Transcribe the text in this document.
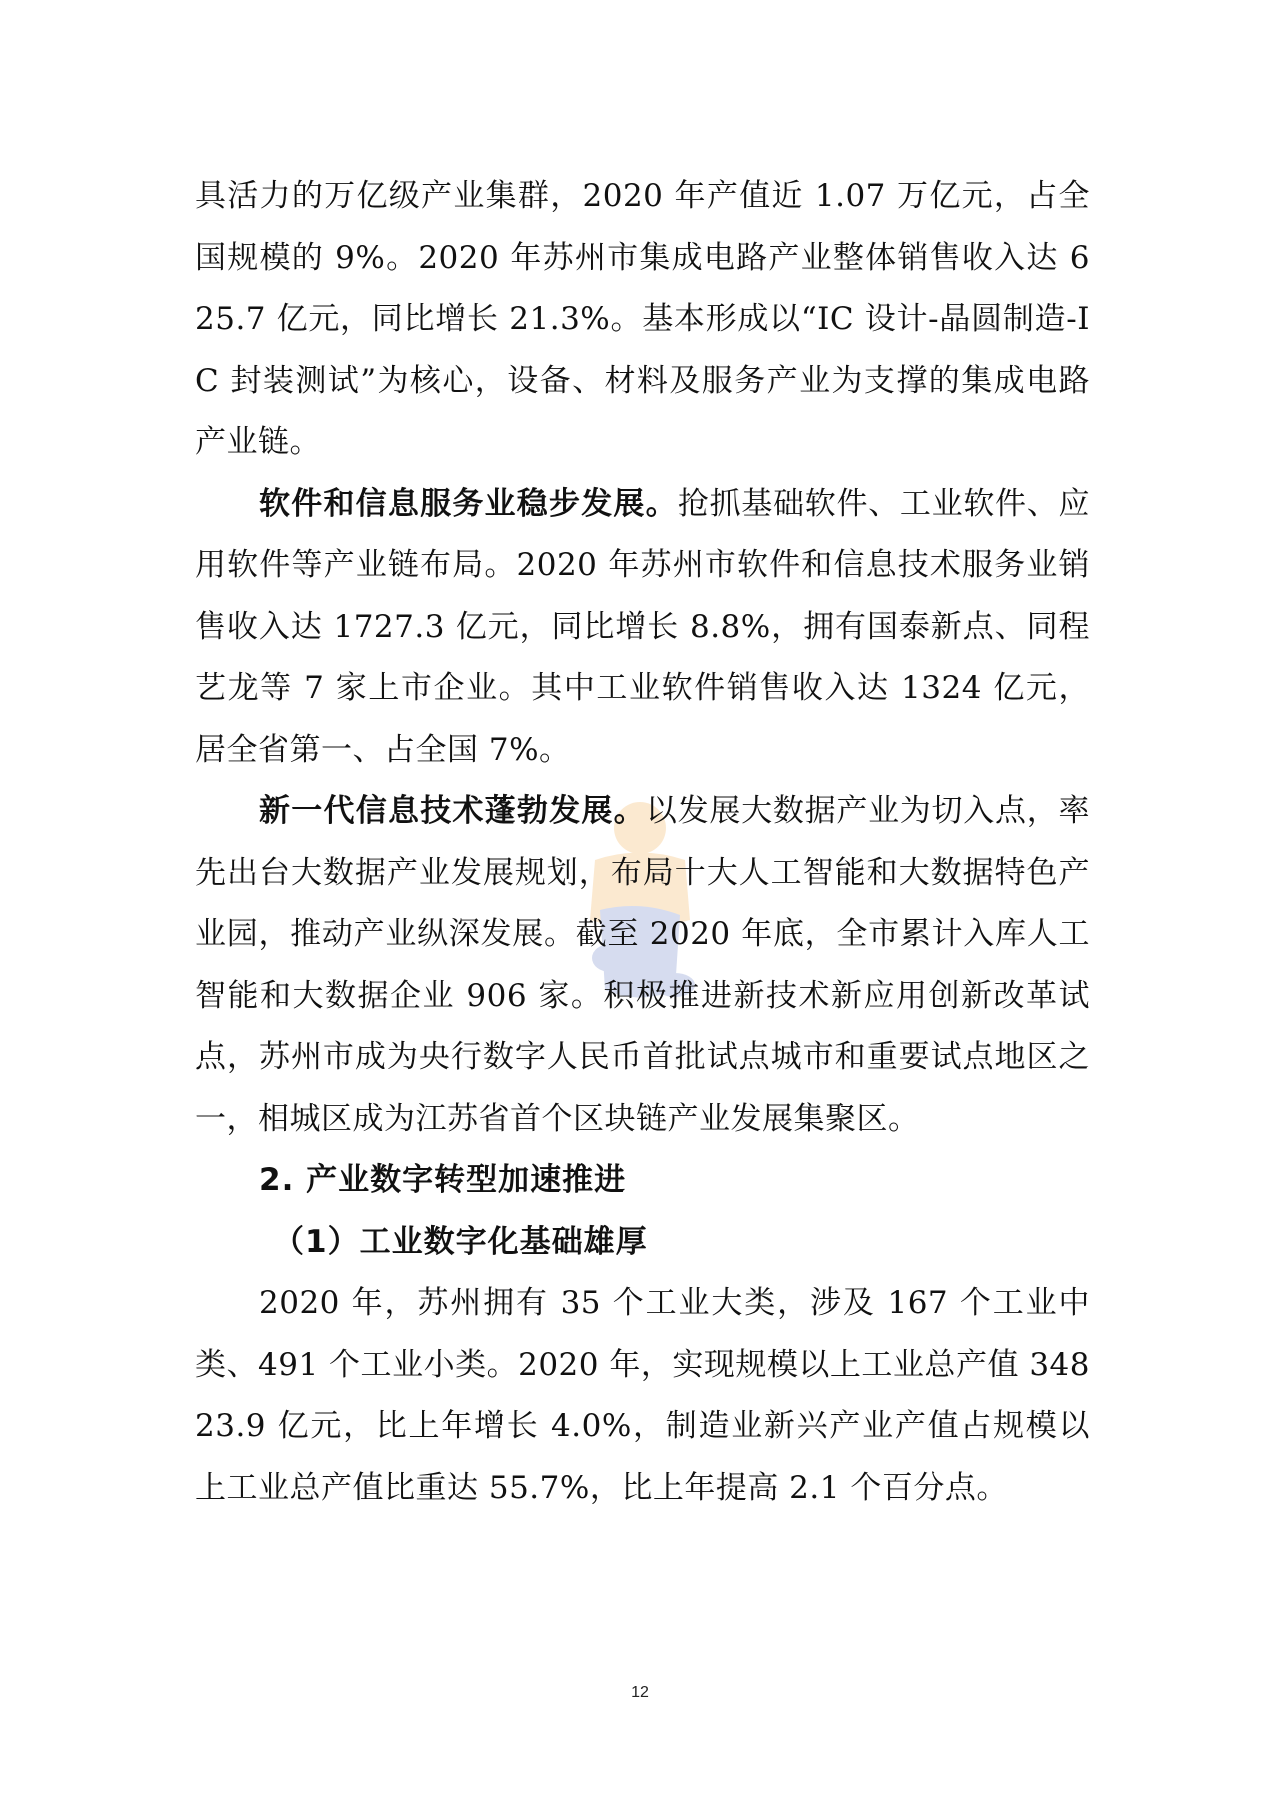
具活力的万亿级产业集群，2020 年产值近 1.07 万亿元，占全国规模的 9%。2020 年苏州市集成电路产业整体销售收入达 625.7 亿元，同比增长 21.3%。基本形成以“IC 设计-晶圆制造-IC 封装测试”为核心，设备、材料及服务产业为支撑的集成电路产业链。

软件和信息服务业稳步发展。抢抓基础软件、工业软件、应用软件等产业链布局。2020 年苏州市软件和信息技术服务业销售收入达 1727.3 亿元，同比增长 8.8%，拥有国泰新点、同程艺龙等 7 家上市企业。其中工业软件销售收入达 1324 亿元，居全省第一、占全国 7%。

新一代信息技术蓬勃发展。以发展大数据产业为切入点，率先出台大数据产业发展规划，布局十大人工智能和大数据特色产业园，推动产业纵深发展。截至 2020 年底，全市累计入库人工智能和大数据企业 906 家。积极推进新技术新应用创新改革试点，苏州市成为央行数字人民币首批试点城市和重要试点地区之一，相城区成为江苏省首个区块链产业发展集聚区。

2. 产业数字转型加速推进

（1）工业数字化基础雄厚

2020 年，苏州拥有 35 个工业大类，涉及 167 个工业中类、491 个工业小类。2020 年，实现规模以上工业总产值 34823.9 亿元，比上年增长 4.0%，制造业新兴产业产值占规模以上工业总产值比重达 55.7%，比上年提高 2.1 个百分点。

12
